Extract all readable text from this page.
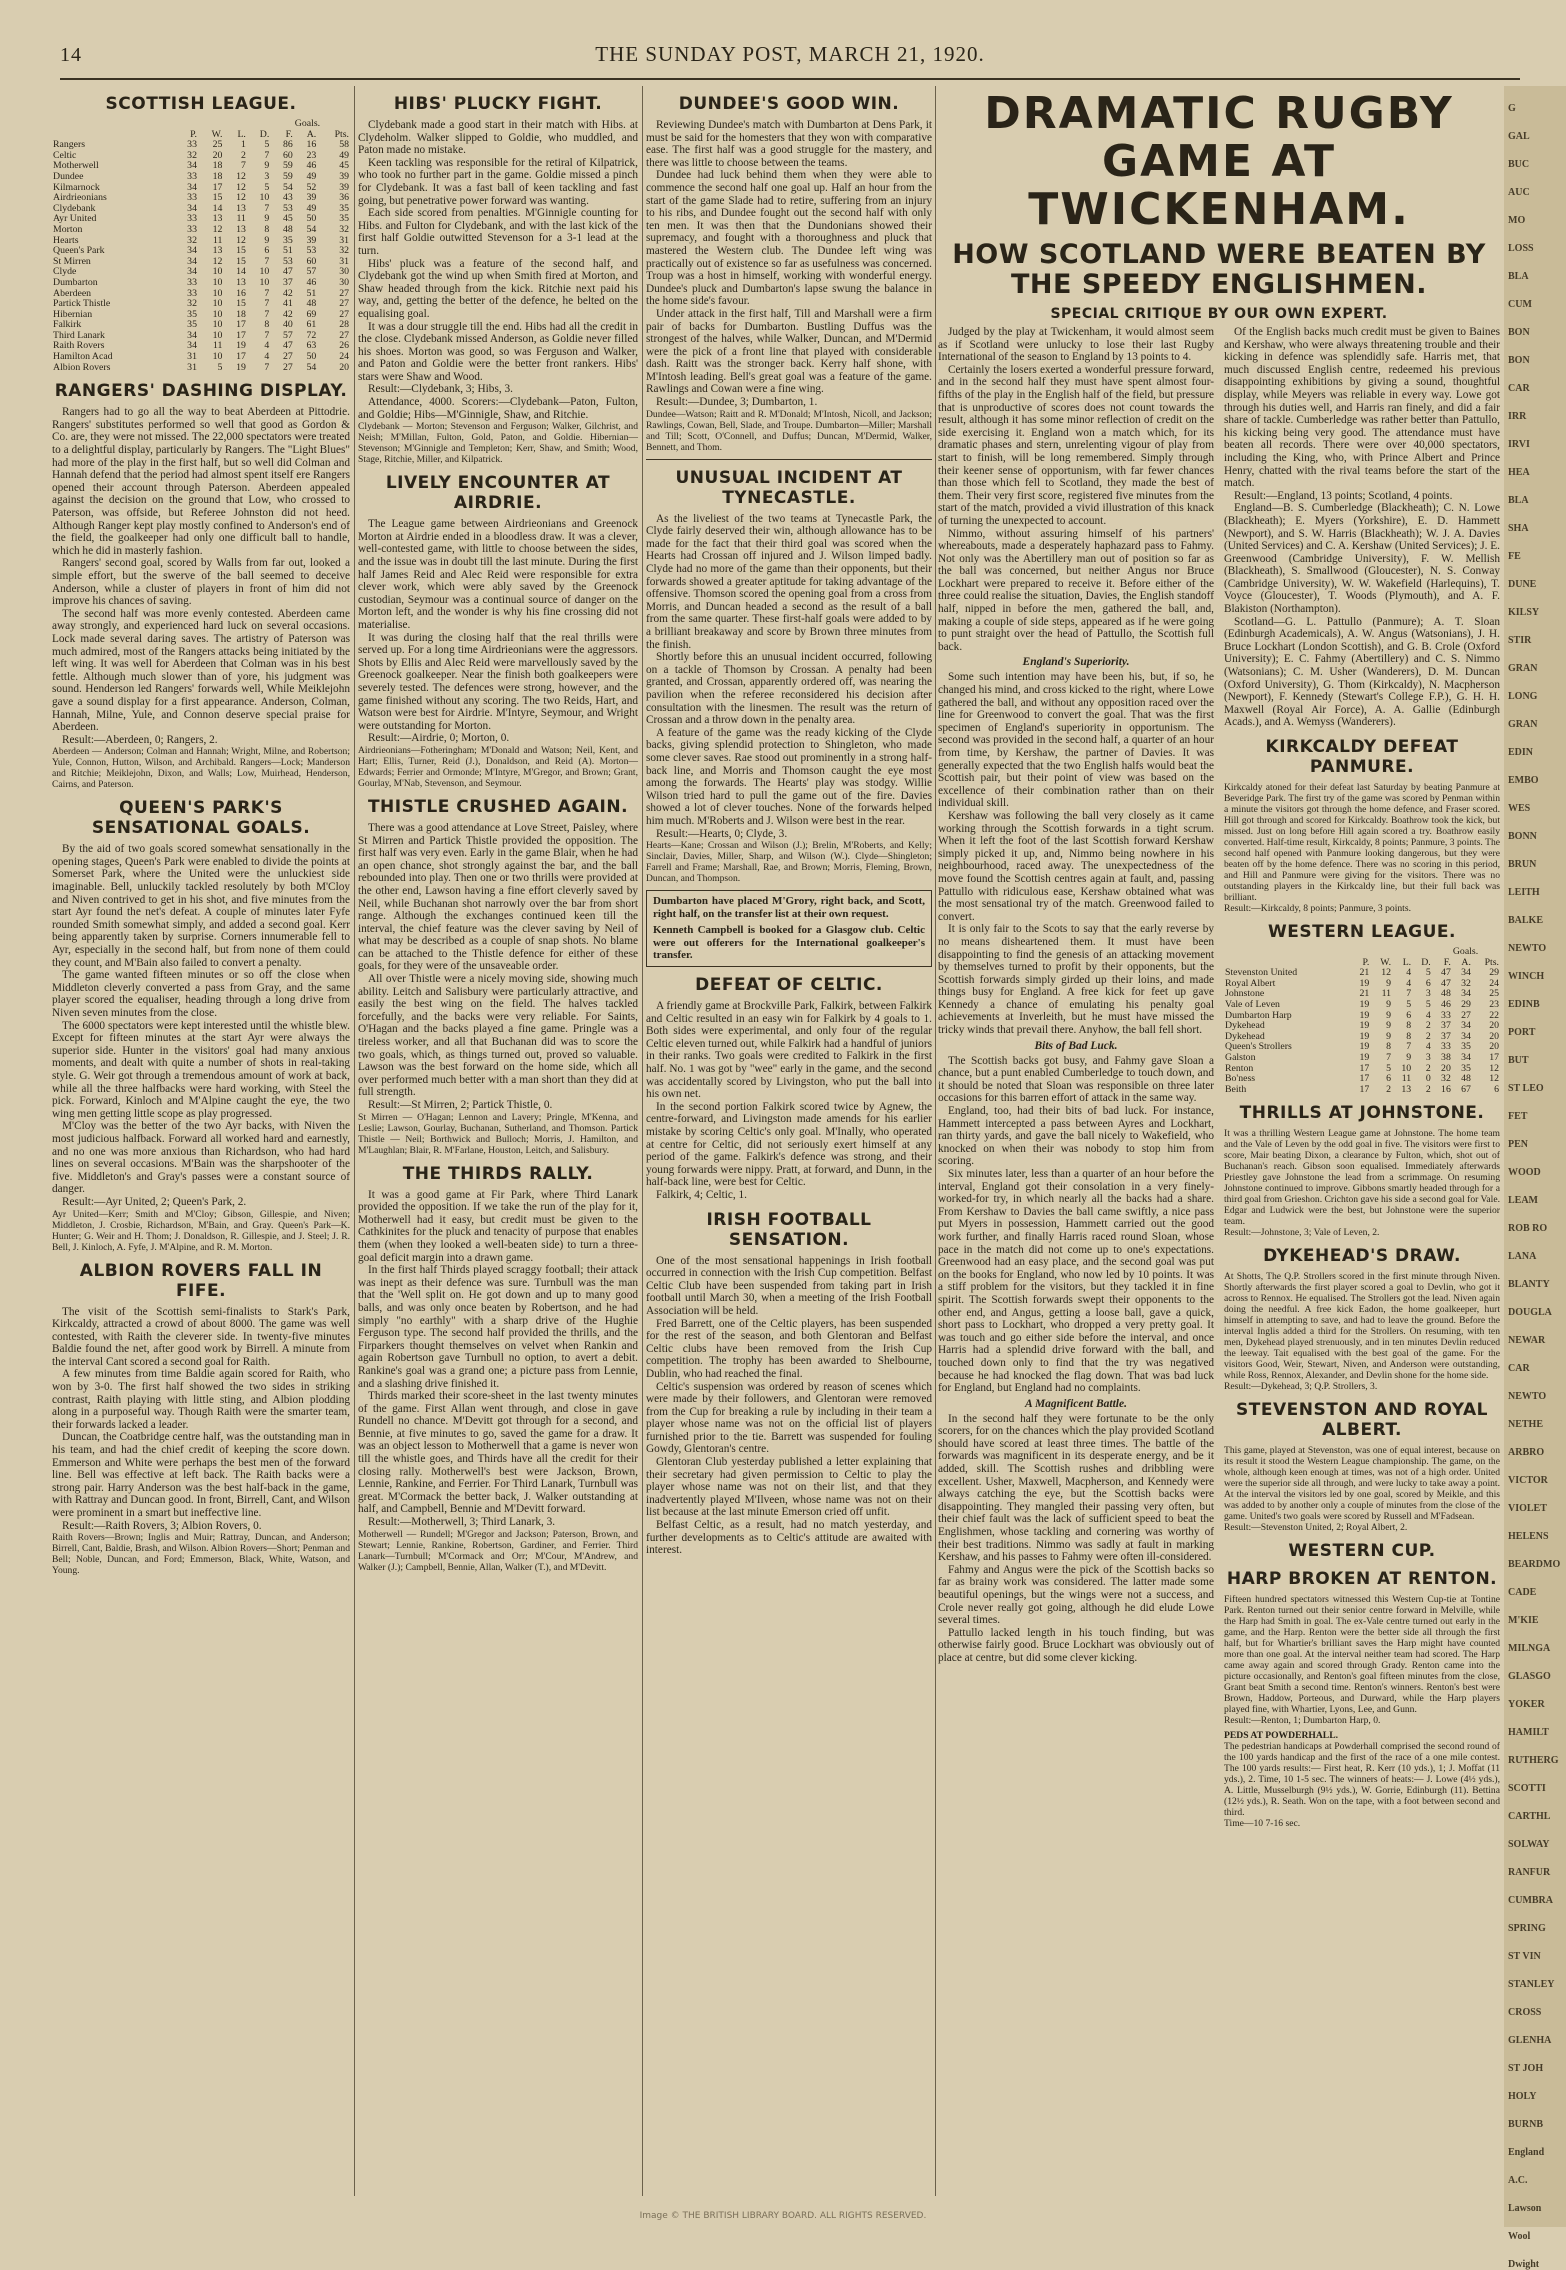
14	THE SUNDAY POST, MARCH 21, 1920.
SCOTTISH LEAGUE.
						Goals.	
	P.	W.	L.	D.	F.	A.	Pts.
Rangers	33	25	1	5	86	16	58
Celtic	32	20	2	7	60	23	49
Motherwell	34	18	7	9	59	46	45
Dundee	33	18	12	3	59	49	39
Kilmarnock	34	17	12	5	54	52	39
Airdrieonians	33	15	12	10	43	39	36
Clydebank	34	14	13	7	53	49	35
Ayr United	33	13	11	9	45	50	35
Morton	33	12	13	8	48	54	32
Hearts	32	11	12	9	35	39	31
Queen's Park	34	13	15	6	51	53	32
St Mirren	34	12	15	7	53	60	31
Clyde	34	10	14	10	47	57	30
Dumbarton	33	10	13	10	37	46	30
Aberdeen	33	10	16	7	42	51	27
Partick Thistle	32	10	15	7	41	48	27
Hibernian	35	10	18	7	42	69	27
Falkirk	35	10	17	8	40	61	28
Third Lanark	34	10	17	7	57	72	27
Raith Rovers	34	11	19	4	47	63	26
Hamilton Acad	31	10	17	4	27	50	24
Albion Rovers	31	5	19	7	27	54	20
RANGERS' DASHING DISPLAY.

Rangers had to go all the way to beat Aberdeen at Pittodrie. Rangers' substitutes performed so well that good as Gordon & Co. are, they were not missed. The 22,000 spectators were treated to a delightful display, particularly by Rangers. The "Light Blues" had more of the play in the first half, but so well did Colman and Hannah defend that the period had almost spent itself ere Rangers opened their account through Paterson. Aberdeen appealed against the decision on the ground that Low, who crossed to Paterson, was offside, but Referee Johnston did not heed. Although Ranger kept play mostly confined to Anderson's end of the field, the goalkeeper had only one difficult ball to handle, which he did in masterly fashion.

Rangers' second goal, scored by Walls from far out, looked a simple effort, but the swerve of the ball seemed to deceive Anderson, while a cluster of players in front of him did not improve his chances of saving.

The second half was more evenly contested. Aberdeen came away strongly, and experienced hard luck on several occasions. Lock made several daring saves. The artistry of Paterson was much admired, most of the Rangers attacks being initiated by the left wing. It was well for Aberdeen that Colman was in his best fettle. Although much slower than of yore, his judgment was sound. Henderson led Rangers' forwards well, While Meiklejohn gave a sound display for a first appearance. Anderson, Colman, Hannah, Milne, Yule, and Connon deserve special praise for Aberdeen.

Result:—Aberdeen, 0; Rangers, 2.

Aberdeen — Anderson; Colman and Hannah; Wright, Milne, and Robertson; Yule, Connon, Hutton, Wilson, and Archibald. Rangers—Lock; Manderson and Ritchie; Meiklejohn, Dixon, and Walls; Low, Muirhead, Henderson, Cairns, and Paterson.

QUEEN'S PARK'S SENSATIONAL GOALS.

By the aid of two goals scored somewhat sensationally in the opening stages, Queen's Park were enabled to divide the points at Somerset Park, where the United were the unluckiest side imaginable. Bell, unluckily tackled resolutely by both M'Cloy and Niven contrived to get in his shot, and five minutes from the start Ayr found the net's defeat. A couple of minutes later Fyfe rounded Smith somewhat simply, and added a second goal. Kerr being apparently taken by surprise. Corners innumerable fell to Ayr, especially in the second half, but from none of them could they count, and M'Bain also failed to convert a penalty.

The game wanted fifteen minutes or so off the close when Middleton cleverly converted a pass from Gray, and the same player scored the equaliser, heading through a long drive from Niven seven minutes from the close.

The 6000 spectators were kept interested until the whistle blew. Except for fifteen minutes at the start Ayr were always the superior side. Hunter in the visitors' goal had many anxious moments, and dealt with quite a number of shots in real-taking style. G. Weir got through a tremendous amount of work at back, while all the three halfbacks were hard working, with Steel the pick. Forward, Kinloch and M'Alpine caught the eye, the two wing men getting little scope as play progressed.

M'Cloy was the better of the two Ayr backs, with Niven the most judicious halfback. Forward all worked hard and earnestly, and no one was more anxious than Richardson, who had hard lines on several occasions. M'Bain was the sharpshooter of the five. Middleton's and Gray's passes were a constant source of danger.

Result:—Ayr United, 2; Queen's Park, 2.

Ayr United—Kerr; Smith and M'Cloy; Gibson, Gillespie, and Niven; Middleton, J. Crosbie, Richardson, M'Bain, and Gray. Queen's Park—K. Hunter; G. Weir and H. Thom; J. Donaldson, R. Gillespie, and J. Steel; J. R. Bell, J. Kinloch, A. Fyfe, J. M'Alpine, and R. M. Morton.

ALBION ROVERS FALL IN FIFE.

The visit of the Scottish semi-finalists to Stark's Park, Kirkcaldy, attracted a crowd of about 8000. The game was well contested, with Raith the cleverer side. In twenty-five minutes Baldie found the net, after good work by Birrell. A minute from the interval Cant scored a second goal for Raith.

A few minutes from time Baldie again scored for Raith, who won by 3-0. The first half showed the two sides in striking contrast, Raith playing with little sting, and Albion plodding along in a purposeful way. Though Raith were the smarter team, their forwards lacked a leader.

Duncan, the Coatbridge centre half, was the outstanding man in his team, and had the chief credit of keeping the score down. Emmerson and White were perhaps the best men of the forward line. Bell was effective at left back. The Raith backs were a strong pair. Harry Anderson was the best half-back in the game, with Rattray and Duncan good. In front, Birrell, Cant, and Wilson were prominent in a smart but ineffective line.

Result:—Raith Rovers, 3; Albion Rovers, 0.

Raith Rovers—Brown; Inglis and Muir; Rattray, Duncan, and Anderson; Birrell, Cant, Baldie, Brash, and Wilson. Albion Rovers—Short; Penman and Bell; Noble, Duncan, and Ford; Emmerson, Black, White, Watson, and Young.

HIBS' PLUCKY FIGHT.

Clydebank made a good start in their match with Hibs. at Clydeholm. Walker slipped to Goldie, who muddled, and Paton made no mistake.

Keen tackling was responsible for the retiral of Kilpatrick, who took no further part in the game. Goldie missed a pinch for Clydebank. It was a fast ball of keen tackling and fast going, but penetrative power forward was wanting.

Each side scored from penalties. M'Ginnigle counting for Hibs. and Fulton for Clydebank, and with the last kick of the first half Goldie outwitted Stevenson for a 3-1 lead at the turn.

Hibs' pluck was a feature of the second half, and Clydebank got the wind up when Smith fired at Morton, and Shaw headed through from the kick. Ritchie next paid his way, and, getting the better of the defence, he belted on the equalising goal.

It was a dour struggle till the end. Hibs had all the credit in the close. Clydebank missed Anderson, as Goldie never filled his shoes. Morton was good, so was Ferguson and Walker, and Paton and Goldie were the better front rankers. Hibs' stars were Shaw and Wood.

Result:—Clydebank, 3; Hibs, 3.

Attendance, 4000. Scorers:—Clydebank—Paton, Fulton, and Goldie; Hibs—M'Ginnigle, Shaw, and Ritchie.

Clydebank — Morton; Stevenson and Ferguson; Walker, Gilchrist, and Neish; M'Millan, Fulton, Gold, Paton, and Goldie. Hibernian—Stevenson; M'Ginnigle and Templeton; Kerr, Shaw, and Smith; Wood, Stage, Ritchie, Miller, and Kilpatrick.

LIVELY ENCOUNTER AT AIRDRIE.

The League game between Airdrieonians and Greenock Morton at Airdrie ended in a bloodless draw. It was a clever, well-contested game, with little to choose between the sides, and the issue was in doubt till the last minute. During the first half James Reid and Alec Reid were responsible for extra clever work, which were ably saved by the Greenock custodian, Seymour was a continual source of danger on the Morton left, and the wonder is why his fine crossing did not materialise.

It was during the closing half that the real thrills were served up. For a long time Airdrieonians were the aggressors. Shots by Ellis and Alec Reid were marvellously saved by the Greenock goalkeeper. Near the finish both goalkeepers were severely tested. The defences were strong, however, and the game finished without any scoring. The two Reids, Hart, and Watson were best for Airdrie. M'Intyre, Seymour, and Wright were outstanding for Morton.

Result:—Airdrie, 0; Morton, 0.

Airdrieonians—Fotheringham; M'Donald and Watson; Neil, Kent, and Hart; Ellis, Turner, Reid (J.), Donaldson, and Reid (A). Morton—Edwards; Ferrier and Ormonde; M'Intyre, M'Gregor, and Brown; Grant, Gourlay, M'Nab, Stevenson, and Seymour.

THISTLE CRUSHED AGAIN.

There was a good attendance at Love Street, Paisley, where St Mirren and Partick Thistle provided the opposition. The first half was very even. Early in the game Blair, when he had an open chance, shot strongly against the bar, and the ball rebounded into play. Then one or two thrills were provided at the other end, Lawson having a fine effort cleverly saved by Neil, while Buchanan shot narrowly over the bar from short range. Although the exchanges continued keen till the interval, the chief feature was the clever saving by Neil of what may be described as a couple of snap shots. No blame can be attached to the Thistle defence for either of these goals, for they were of the unsaveable order.

All over Thistle were a nicely moving side, showing much ability. Leitch and Salisbury were particularly attractive, and easily the best wing on the field. The halves tackled forcefully, and the backs were very reliable. For Saints, O'Hagan and the backs played a fine game. Pringle was a tireless worker, and all that Buchanan did was to score the two goals, which, as things turned out, proved so valuable. Lawson was the best forward on the home side, which all over performed much better with a man short than they did at full strength.

Result:—St Mirren, 2; Partick Thistle, 0.

St Mirren — O'Hagan; Lennon and Lavery; Pringle, M'Kenna, and Leslie; Lawson, Gourlay, Buchanan, Sutherland, and Thomson. Partick Thistle — Neil; Borthwick and Bulloch; Morris, J. Hamilton, and M'Laughlan; Blair, R. M'Farlane, Houston, Leitch, and Salisbury.

THE THIRDS RALLY.

It was a good game at Fir Park, where Third Lanark provided the opposition. If we take the run of the play for it, Motherwell had it easy, but credit must be given to the Cathkinites for the pluck and tenacity of purpose that enables them (when they looked a well-beaten side) to turn a three-goal deficit margin into a drawn game.

In the first half Thirds played scraggy football; their attack was inept as their defence was sure. Turnbull was the man that the 'Well split on. He got down and up to many good balls, and was only once beaten by Robertson, and he had simply "no earthly" with a sharp drive of the Hughie Ferguson type. The second half provided the thrills, and the Firparkers thought themselves on velvet when Rankin and again Robertson gave Turnbull no option, to avert a debit. Rankine's goal was a grand one; a picture pass from Lennie, and a slashing drive finished it.

Thirds marked their score-sheet in the last twenty minutes of the game. First Allan went through, and close in gave Rundell no chance. M'Devitt got through for a second, and Bennie, at five minutes to go, saved the game for a draw. It was an object lesson to Motherwell that a game is never won till the whistle goes, and Thirds have all the credit for their closing rally. Motherwell's best were Jackson, Brown, Lennie, Rankine, and Ferrier. For Third Lanark, Turnbull was great. M'Cormack the better back, J. Walker outstanding at half, and Campbell, Bennie and M'Devitt forward.

Result:—Motherwell, 3; Third Lanark, 3.

Motherwell — Rundell; M'Gregor and Jackson; Paterson, Brown, and Stewart; Lennie, Rankine, Robertson, Gardiner, and Ferrier. Third Lanark—Turnbull; M'Cormack and Orr; M'Cour, M'Andrew, and Walker (J.); Campbell, Bennie, Allan, Walker (T.), and M'Devitt.

DUNDEE'S GOOD WIN.

Reviewing Dundee's match with Dumbarton at Dens Park, it must be said for the homesters that they won with comparative ease. The first half was a good struggle for the mastery, and there was little to choose between the teams.

Dundee had luck behind them when they were able to commence the second half one goal up. Half an hour from the start of the game Slade had to retire, suffering from an injury to his ribs, and Dundee fought out the second half with only ten men. It was then that the Dundonians showed their supremacy, and fought with a thoroughness and pluck that mastered the Western club. The Dundee left wing was practically out of existence so far as usefulness was concerned. Troup was a host in himself, working with wonderful energy. Dundee's pluck and Dumbarton's lapse swung the balance in the home side's favour.

Under attack in the first half, Till and Marshall were a firm pair of backs for Dumbarton. Bustling Duffus was the strongest of the halves, while Walker, Duncan, and M'Dermid were the pick of a front line that played with considerable dash. Raitt was the stronger back. Kerry half shone, with M'Intosh leading. Bell's great goal was a feature of the game. Rawlings and Cowan were a fine wing.

Result:—Dundee, 3; Dumbarton, 1.

Dundee—Watson; Raitt and R. M'Donald; M'Intosh, Nicoll, and Jackson; Rawlings, Cowan, Bell, Slade, and Troupe. Dumbarton—Miller; Marshall and Till; Scott, O'Connell, and Duffus; Duncan, M'Dermid, Walker, Bennett, and Thom.

UNUSUAL INCIDENT AT TYNECASTLE.

As the liveliest of the two teams at Tynecastle Park, the Clyde fairly deserved their win, although allowance has to be made for the fact that their third goal was scored when the Hearts had Crossan off injured and J. Wilson limped badly. Clyde had no more of the game than their opponents, but their forwards showed a greater aptitude for taking advantage of the offensive. Thomson scored the opening goal from a cross from Morris, and Duncan headed a second as the result of a ball from the same quarter. These first-half goals were added to by a brilliant breakaway and score by Brown three minutes from the finish.

Shortly before this an unusual incident occurred, following on a tackle of Thomson by Crossan. A penalty had been granted, and Crossan, apparently ordered off, was nearing the pavilion when the referee reconsidered his decision after consultation with the linesmen. The result was the return of Crossan and a throw down in the penalty area.

A feature of the game was the ready kicking of the Clyde backs, giving splendid protection to Shingleton, who made some clever saves. Rae stood out prominently in a strong half-back line, and Morris and Thomson caught the eye most among the forwards. The Hearts' play was stodgy. Willie Wilson tried hard to pull the game out of the fire. Davies showed a lot of clever touches. None of the forwards helped him much. M'Roberts and J. Wilson were best in the rear.

Result:—Hearts, 0; Clyde, 3.

Hearts—Kane; Crossan and Wilson (J.); Brelin, M'Roberts, and Kelly; Sinclair, Davies, Miller, Sharp, and Wilson (W.). Clyde—Shingleton; Farrell and Frame; Marshall, Rae, and Brown; Morris, Fleming, Brown, Duncan, and Thompson.

Dumbarton have placed M'Grory, right back, and Scott, right half, on the transfer list at their own request.

Kenneth Campbell is booked for a Glasgow club. Celtic were out offerers for the International goalkeeper's transfer.

DEFEAT OF CELTIC.

A friendly game at Brockville Park, Falkirk, between Falkirk and Celtic resulted in an easy win for Falkirk by 4 goals to 1. Both sides were experimental, and only four of the regular Celtic eleven turned out, while Falkirk had a handful of juniors in their ranks. Two goals were credited to Falkirk in the first half. No. 1 was got by "wee" early in the game, and the second was accidentally scored by Livingston, who put the ball into his own net.

In the second portion Falkirk scored twice by Agnew, the centre-forward, and Livingston made amends for his earlier mistake by scoring Celtic's only goal. M'Inally, who operated at centre for Celtic, did not seriously exert himself at any period of the game. Falkirk's defence was strong, and their young forwards were nippy. Pratt, at forward, and Dunn, in the half-back line, were best for Celtic.

Falkirk, 4; Celtic, 1.

IRISH FOOTBALL SENSATION.

One of the most sensational happenings in Irish football occurred in connection with the Irish Cup competition. Belfast Celtic Club have been suspended from taking part in Irish football until March 30, when a meeting of the Irish Football Association will be held.

Fred Barrett, one of the Celtic players, has been suspended for the rest of the season, and both Glentoran and Belfast Celtic clubs have been removed from the Irish Cup competition. The trophy has been awarded to Shelbourne, Dublin, who had reached the final.

Celtic's suspension was ordered by reason of scenes which were made by their followers, and Glentoran were removed from the Cup for breaking a rule by including in their team a player whose name was not on the official list of players furnished prior to the tie. Barrett was suspended for fouling Gowdy, Glentoran's centre.

Glentoran Club yesterday published a letter explaining that their secretary had given permission to Celtic to play the player whose name was not on their list, and that they inadvertently played M'Ilveen, whose name was not on their list because at the last minute Emerson cried off unfit.

Belfast Celtic, as a result, had no match yesterday, and further developments as to Celtic's attitude are awaited with interest.

DRAMATIC RUGBY GAME AT TWICKENHAM.
HOW SCOTLAND WERE BEATEN BY THE SPEEDY ENGLISHMEN.
SPECIAL CRITIQUE BY OUR OWN EXPERT.

Judged by the play at Twickenham, it would almost seem as if Scotland were unlucky to lose their last Rugby International of the season to England by 13 points to 4.

Certainly the losers exerted a wonderful pressure forward, and in the second half they must have spent almost four-fifths of the play in the English half of the field, but pressure that is unproductive of scores does not count towards the result, although it has some minor reflection of credit on the side exercising it. England won a match which, for its dramatic phases and stern, unrelenting vigour of play from start to finish, will be long remembered. Simply through their keener sense of opportunism, with far fewer chances than those which fell to Scotland, they made the best of them. Their very first score, registered five minutes from the start of the match, provided a vivid illustration of this knack of turning the unexpected to account.

Nimmo, without assuring himself of his partners' whereabouts, made a desperately haphazard pass to Fahmy. Not only was the Abertillery man out of position so far as the ball was concerned, but neither Angus nor Bruce Lockhart were prepared to receive it. Before either of the three could realise the situation, Davies, the English standoff half, nipped in before the men, gathered the ball, and, making a couple of side steps, appeared as if he were going to punt straight over the head of Pattullo, the Scottish full back.

England's Superiority.

Some such intention may have been his, but, if so, he changed his mind, and cross kicked to the right, where Lowe gathered the ball, and without any opposition raced over the line for Greenwood to convert the goal. That was the first specimen of England's superiority in opportunism. The second was provided in the second half, a quarter of an hour from time, by Kershaw, the partner of Davies. It was generally expected that the two English halfs would beat the Scottish pair, but their point of view was based on the excellence of their combination rather than on their individual skill.

Kershaw was following the ball very closely as it came working through the Scottish forwards in a tight scrum. When it left the foot of the last Scottish forward Kershaw simply picked it up, and, Nimmo being nowhere in his neighbourhood, raced away. The unexpectedness of the move found the Scottish centres again at fault, and, passing Pattullo with ridiculous ease, Kershaw obtained what was the most sensational try of the match. Greenwood failed to convert.

It is only fair to the Scots to say that the early reverse by no means disheartened them. It must have been disappointing to find the genesis of an attacking movement by themselves turned to profit by their opponents, but the Scottish forwards simply girded up their loins, and made things busy for England. A free kick for feet up gave Kennedy a chance of emulating his penalty goal achievements at Inverleith, but he must have missed the tricky winds that prevail there. Anyhow, the ball fell short.

Bits of Bad Luck.

The Scottish backs got busy, and Fahmy gave Sloan a chance, but a punt enabled Cumberledge to touch down, and it should be noted that Sloan was responsible on three later occasions for this barren effort of attack in the same way.

England, too, had their bits of bad luck. For instance, Hammett intercepted a pass between Ayres and Lockhart, ran thirty yards, and gave the ball nicely to Wakefield, who knocked on when their was nobody to stop him from scoring.

Six minutes later, less than a quarter of an hour before the interval, England got their consolation in a very finely-worked-for try, in which nearly all the backs had a share. From Kershaw to Davies the ball came swiftly, a nice pass put Myers in possession, Hammett carried out the good work further, and finally Harris raced round Sloan, whose pace in the match did not come up to one's expectations. Greenwood had an easy place, and the second goal was put on the books for England, who now led by 10 points. It was a stiff problem for the visitors, but they tackled it in fine spirit. The Scottish forwards swept their opponents to the other end, and Angus, getting a loose ball, gave a quick, short pass to Lockhart, who dropped a very pretty goal. It was touch and go either side before the interval, and once Harris had a splendid drive forward with the ball, and touched down only to find that the try was negatived because he had knocked the flag down. That was bad luck for England, but England had no complaints.

A Magnificent Battle.

In the second half they were fortunate to be the only scorers, for on the chances which the play provided Scotland should have scored at least three times. The battle of the forwards was magnificent in its desperate energy, and be it added, skill. The Scottish rushes and dribbling were excellent. Usher, Maxwell, Macpherson, and Kennedy were always catching the eye, but the Scottish backs were disappointing. They mangled their passing very often, but their chief fault was the lack of sufficient speed to beat the Englishmen, whose tackling and cornering was worthy of their best traditions. Nimmo was sadly at fault in marking Kershaw, and his passes to Fahmy were often ill-considered.

Fahmy and Angus were the pick of the Scottish backs so far as brainy work was considered. The latter made some beautiful openings, but the wings were not a success, and Crole never really got going, although he did elude Lowe several times.

Pattullo lacked length in his touch finding, but was otherwise fairly good. Bruce Lockhart was obviously out of place at centre, but did some clever kicking.

Of the English backs much credit must be given to Baines and Kershaw, who were always threatening trouble and their kicking in defence was splendidly safe. Harris met, that much discussed English centre, redeemed his previous disappointing exhibitions by giving a sound, thoughtful display, while Meyers was reliable in every way. Lowe got through his duties well, and Harris ran finely, and did a fair share of tackle. Cumberledge was rather better than Pattullo, his kicking being very good. The attendance must have beaten all records. There were over 40,000 spectators, including the King, who, with Prince Albert and Prince Henry, chatted with the rival teams before the start of the match.

Result:—England, 13 points; Scotland, 4 points.

England—B. S. Cumberledge (Blackheath); C. N. Lowe (Blackheath); E. Myers (Yorkshire), E. D. Hammett (Newport), and S. W. Harris (Blackheath); W. J. A. Davies (United Services) and C. A. Kershaw (United Services); J. E. Greenwood (Cambridge University), F. W. Mellish (Blackheath), S. Smallwood (Gloucester), N. S. Conway (Cambridge University), W. W. Wakefield (Harlequins), T. Voyce (Gloucester), T. Woods (Plymouth), and A. F. Blakiston (Northampton).

Scotland—G. L. Pattullo (Panmure); A. T. Sloan (Edinburgh Academicals), A. W. Angus (Watsonians), J. H. Bruce Lockhart (London Scottish), and G. B. Crole (Oxford University); E. C. Fahmy (Abertillery) and C. S. Nimmo (Watsonians); C. M. Usher (Wanderers), D. M. Duncan (Oxford University), G. Thom (Kirkcaldy), N. Macpherson (Newport), F. Kennedy (Stewart's College F.P.), G. H. H. Maxwell (Royal Air Force), A. A. Gallie (Edinburgh Acads.), and A. Wemyss (Wanderers).

KIRKCALDY DEFEAT PANMURE.

Kirkcaldy atoned for their defeat last Saturday by beating Panmure at Beveridge Park. The first try of the game was scored by Penman within a minute the visitors got through the home defence, and Fraser scored. Hill got through and scored for Kirkcaldy. Boathrow took the kick, but missed. Just on long before Hill again scored a try. Boathrow easily converted. Half-time result, Kirkcaldy, 8 points; Panmure, 3 points. The second half opened with Panmure looking dangerous, but they were beaten off by the home defence. There was no scoring in this period, and Hill and Panmure were giving for the visitors. There was no outstanding players in the Kirkcaldy line, but their full back was brilliant.

Result:—Kirkcaldy, 8 points; Panmure, 3 points.

WESTERN LEAGUE.
						Goals.	
	P.	W.	L.	D.	F.	A.	Pts.
Stevenston United	21	12	4	5	47	34	29
Royal Albert	19	9	4	6	47	32	24
Johnstone	21	11	7	3	48	34	25
Vale of Leven	19	9	5	5	46	29	23
Dumbarton Harp	19	9	6	4	33	27	22
Dykehead	19	9	8	2	37	34	20
Dykehead	19	9	8	2	37	34	20
Queen's Strollers	19	8	7	4	33	35	20
Galston	19	7	9	3	38	34	17
Renton	17	5	10	2	20	35	12
Bo'ness	17	6	11	0	32	48	12
Beith	17	2	13	2	16	67	6
THRILLS AT JOHNSTONE.

It was a thrilling Western League game at Johnstone. The home team and the Vale of Leven by the odd goal in five. The visitors were first to score, Mair beating Dixon, a clearance by Fulton, which, shot out of Buchanan's reach. Gibson soon equalised. Immediately afterwards Priestley gave Johnstone the lead from a scrimmage. On resuming Johnstone continued to improve. Gibbons smartly headed through for a third goal from Grieshon. Crichton gave his side a second goal for Vale. Edgar and Ludwick were the best, but Johnstone were the superior team.

Result:—Johnstone, 3; Vale of Leven, 2.

DYKEHEAD'S DRAW.

At Shotts, The Q.P. Strollers scored in the first minute through Niven. Shortly afterwards the first player scored a goal to Devlin, who got it across to Rennox. He equalised. The Strollers got the lead. Niven again doing the needful. A free kick Eadon, the home goalkeeper, hurt himself in attempting to save, and had to leave the ground. Before the interval Inglis added a third for the Strollers. On resuming, with ten men, Dykehead played strenuously, and in ten minutes Devlin reduced the leeway. Tait equalised with the best goal of the game. For the visitors Good, Weir, Stewart, Niven, and Anderson were outstanding, while Ross, Rennox, Alexander, and Devlin shone for the home side.

Result:—Dykehead, 3; Q.P. Strollers, 3.

STEVENSTON AND ROYAL ALBERT.

This game, played at Stevenston, was one of equal interest, because on its result it stood the Western League championship. The game, on the whole, although keen enough at times, was not of a high order. United were the superior side all through, and were lucky to take away a point. At the interval the visitors led by one goal, scored by Meikle, and this was added to by another only a couple of minutes from the close of the game. United's two goals were scored by Russell and M'Fadsean.

Result:—Stevenston United, 2; Royal Albert, 2.

WESTERN CUP.
HARP BROKEN AT RENTON.

Fifteen hundred spectators witnessed this Western Cup-tie at Tontine Park. Renton turned out their senior centre forward in Melville, while the Harp had Smith in goal. The ex-Vale centre turned out early in the game, and the Harp. Renton were the better side all through the first half, but for Whartier's brilliant saves the Harp might have counted more than one goal. At the interval neither team had scored. The Harp came away again and scored through Grady. Renton came into the picture occasionally, and Renton's goal fifteen minutes from the close, Grant beat Smith a second time. Renton's winners. Renton's best were Brown, Haddow, Porteous, and Durward, while the Harp players played fine, with Whartier, Lyons, Lee, and Gunn.

Result:—Renton, 1; Dumbarton Harp, 0.

PEDS AT POWDERHALL.

The pedestrian handicaps at Powderhall comprised the second round of the 100 yards handicap and the first of the race of a one mile contest. The 100 yards results:— First heat, R. Kerr (10 yds.), 1; J. Moffat (11 yds.), 2. Time, 10 1-5 sec. The winners of heats:— J. Lowe (4½ yds.), A. Little, Musselburgh (9½ yds.), W. Gorrie, Edinburgh (11). Bettina (12½ yds.), R. Seath. Won on the tape, with a foot between second and third.

Time—10 7-16 sec.

G
GAL
BUC
AUC
MO
LOSS
BLA
CUM
BON
BON
CAR
IRR
IRVI
HEA
BLA
SHA
FE
DUNE
KILSY
STIR
GRAN
LONG
GRAN
EDIN
EMBO
WES
BONN
BRUN
LEITH
BALKE
NEWTO
WINCH
EDINB
PORT
BUT
ST LEO
FET
PEN
WOOD
LEAM
ROB RO
LANA
BLANTY
DOUGLA
NEWAR
CAR
NEWTO
NETHE
ARBRO
VICTOR
VIOLET
HELENS
BEARDMO
CADE
M'KIE
MILNGA
GLASGO
YOKER
HAMILT
RUTHERG
SCOTTI
CARTHL
SOLWAY
RANFUR
CUMBRA
SPRING
ST VIN
STANLEY
CROSS
GLENHA
ST JOH
HOLY
BURNB
England
A.C.
Lawson
Wool
Dwight
Image © THE BRITISH LIBRARY BOARD. ALL RIGHTS RESERVED.
